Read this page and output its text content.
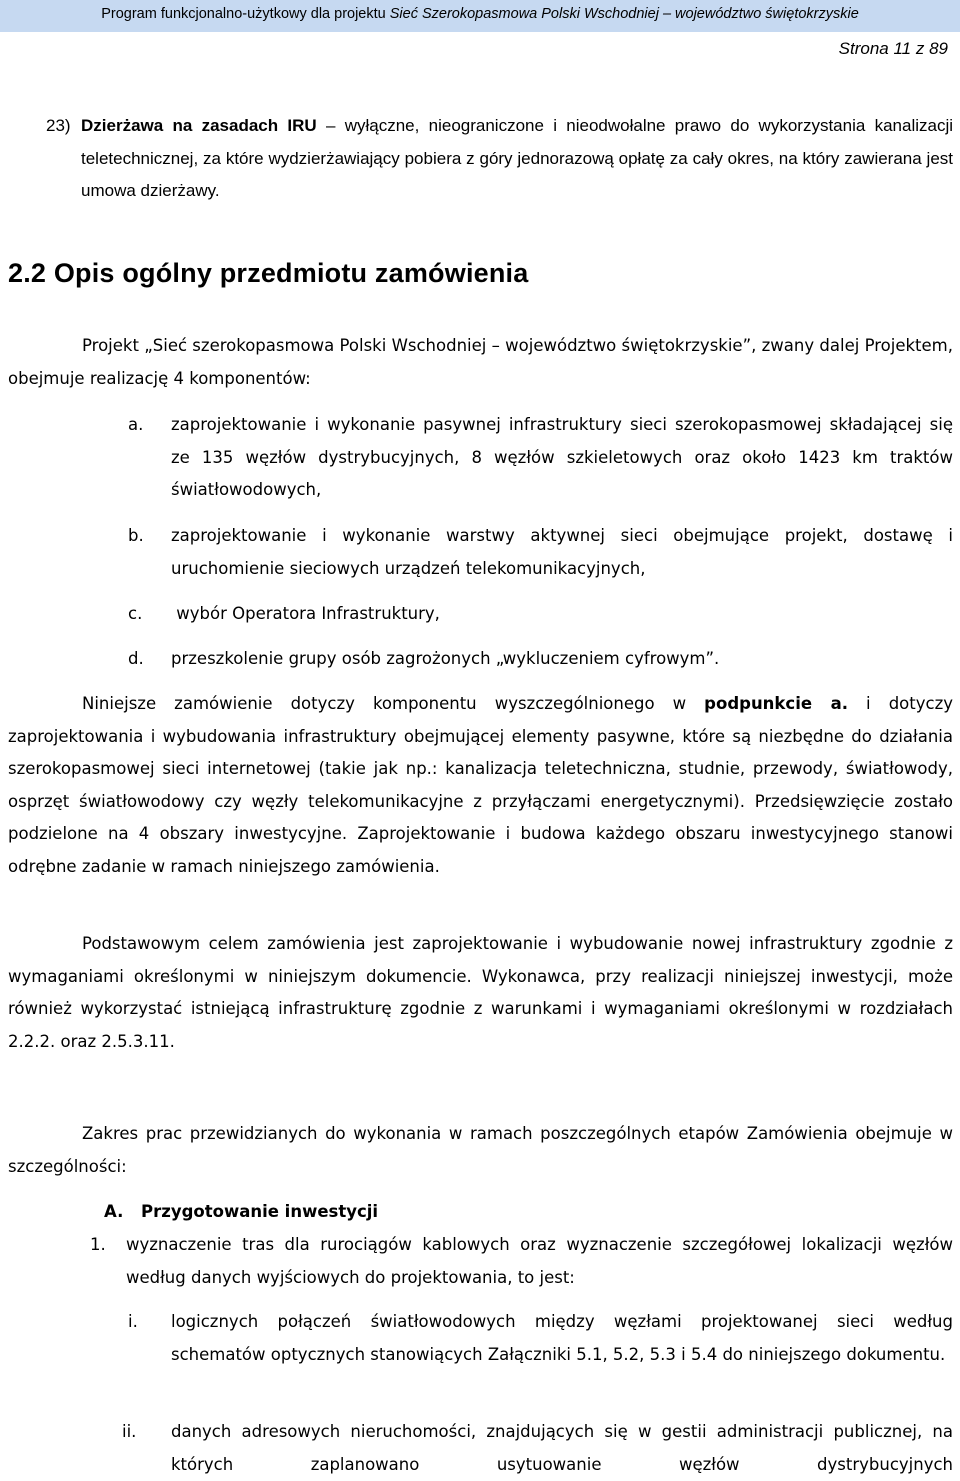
Program funkcjonalno-użytkowy dla projektu Sieć Szerokopasmowa Polski Wschodniej – województwo świętokrzyskie
Strona 11 z 89
23) Dzierżawa na zasadach IRU – wyłączne, nieograniczone i nieodwołalne prawo do wykorzystania kanalizacji teletechnicznej, za które wydzierżawiający pobiera z góry jednorazową opłatę za cały okres, na który zawierana jest umowa dzierżawy.
2.2 Opis ogólny przedmiotu zamówienia
Projekt „Sieć szerokopasmowa Polski Wschodniej – województwo świętokrzyskie”, zwany dalej Projektem, obejmuje realizację 4 komponentów:
a. zaprojektowanie i wykonanie pasywnej infrastruktury sieci szerokopasmowej składającej się ze 135 węzłów dystrybucyjnych, 8 węzłów szkieletowych oraz około 1423 km traktów światłowodowych,
b. zaprojektowanie i wykonanie warstwy aktywnej sieci obejmujące projekt, dostawę i uruchomienie sieciowych urządzeń telekomunikacyjnych,
c. wybór Operatora Infrastruktury,
d. przeszkolenie grupy osób zagrożonych „wykluczeniem cyfrowym”.
Niniejsze zamówienie dotyczy komponentu wyszczególnionego w podpunkcie a. i dotyczy zaprojektowania i wybudowania infrastruktury obejmującej elementy pasywne, które są niezbędne do działania szerokopasmowej sieci internetowej (takie jak np.: kanalizacja teletechniczna, studnie, przewody, światłowody, osprzęt światłowodowy czy węzły telekomunikacyjne z przyłączami energetycznymi). Przedsięwzięcie zostało podzielone na 4 obszary inwestycyjne. Zaprojektowanie i budowa każdego obszaru inwestycyjnego stanowi odrębne zadanie w ramach niniejszego zamówienia.
Podstawowym celem zamówienia jest zaprojektowanie i wybudowanie nowej infrastruktury zgodnie z wymaganiami określonymi w niniejszym dokumencie. Wykonawca, przy realizacji niniejszej inwestycji, może również wykorzystać istniejącą infrastrukturę zgodnie z warunkami i wymaganiami określonymi w rozdziałach 2.2.2. oraz 2.5.3.11.
Zakres prac przewidzianych do wykonania w ramach poszczególnych etapów Zamówienia obejmuje w szczególności:
A. Przygotowanie inwestycji
1. wyznaczenie tras dla rurociągów kablowych oraz wyznaczenie szczegółowej lokalizacji węzłów według danych wyjściowych do projektowania, to jest:
i. logicznych połączeń światłowodowych między węzłami projektowanej sieci według schematów optycznych stanowiących Załączniki 5.1, 5.2, 5.3 i 5.4 do niniejszego dokumentu.
ii. danych adresowych nieruchomości, znajdujących się w gestii administracji publicznej, na których zaplanowano usytuowanie węzłów dystrybucyjnych
